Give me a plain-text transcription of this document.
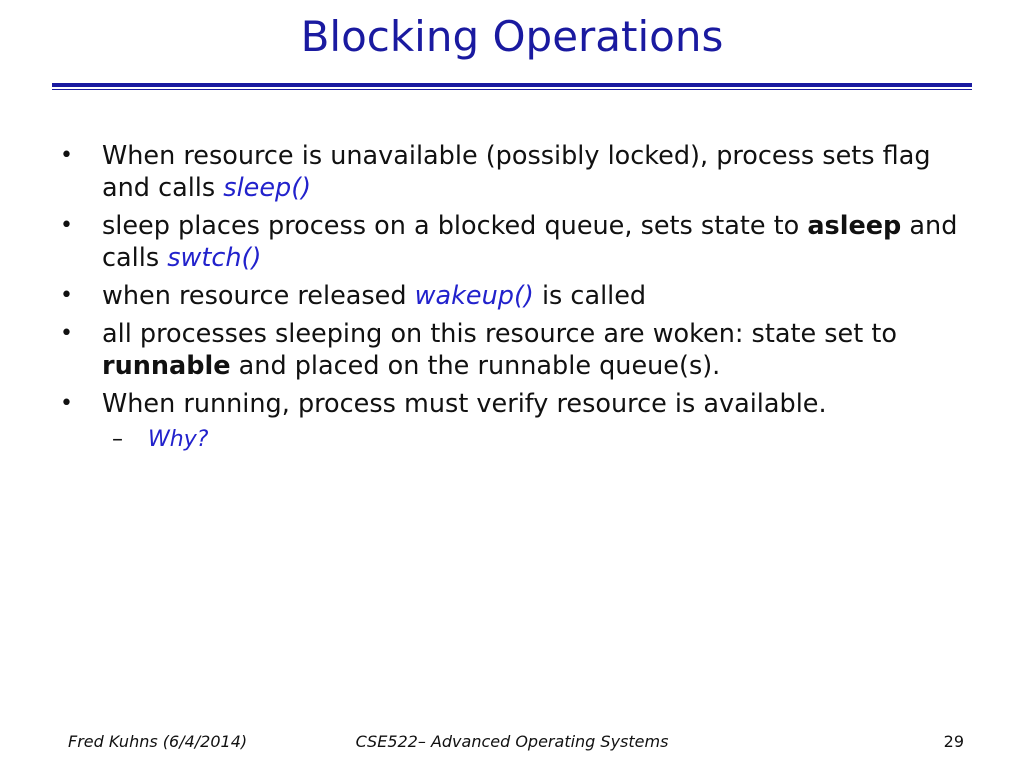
Blocking Operations
• When resource is unavailable (possibly locked), process sets flag and calls sleep()
• sleep places process on a blocked queue, sets state to asleep and calls swtch()
• when resource released wakeup() is called
• all processes sleeping on this resource are woken: state set to runnable and placed on the runnable queue(s).
• When running, process must verify resource is available.
– Why?
Fred Kuhns (6/4/2014)	CSE522– Advanced Operating Systems	29
